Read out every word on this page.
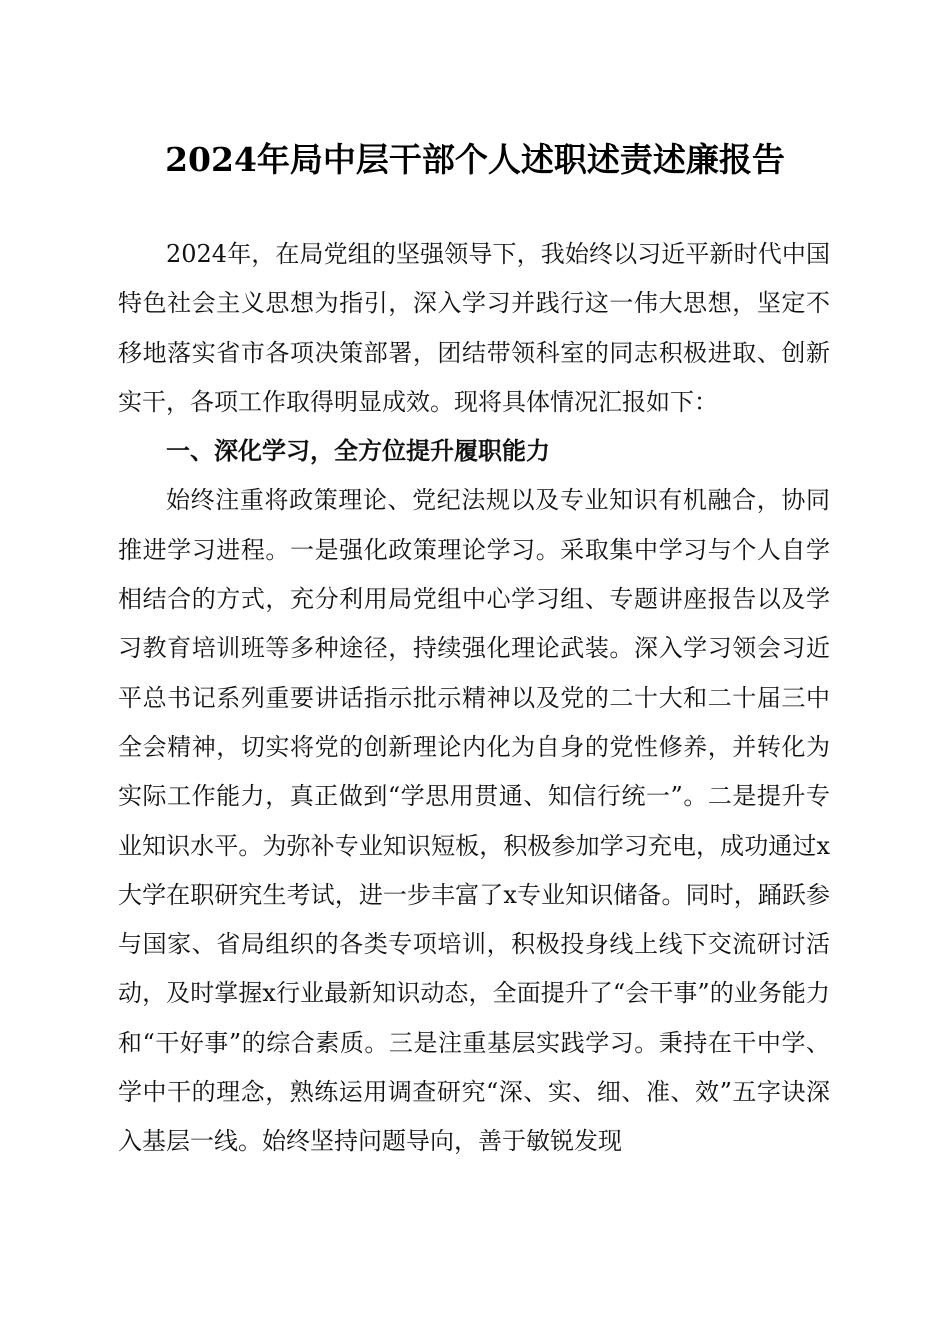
2024年局中层干部个人述职述责述廉报告

2024年，在局党组的坚强领导下，我始终以习近平新时代中国特色社会主义思想为指引，深入学习并践行这一伟大思想，坚定不移地落实省市各项决策部署，团结带领科室的同志积极进取、创新实干，各项工作取得明显成效。现将具体情况汇报如下：

一、深化学习，全方位提升履职能力

始终注重将政策理论、党纪法规以及专业知识有机融合，协同推进学习进程。一是强化政策理论学习。采取集中学习与个人自学相结合的方式，充分利用局党组中心学习组、专题讲座报告以及学习教育培训班等多种途径，持续强化理论武装。深入学习领会习近平总书记系列重要讲话指示批示精神以及党的二十大和二十届三中全会精神，切实将党的创新理论内化为自身的党性修养，并转化为实际工作能力，真正做到“学思用贯通、知信行统一”。二是提升专业知识水平。为弥补专业知识短板，积极参加学习充电，成功通过x大学在职研究生考试，进一步丰富了x专业知识储备。同时，踊跃参与国家、省局组织的各类专项培训，积极投身线上线下交流研讨活动，及时掌握x行业最新知识动态，全面提升了“会干事”的业务能力和“干好事”的综合素质。三是注重基层实践学习。秉持在干中学、学中干的理念，熟练运用调查研究“深、实、细、准、效”五字诀深入基层一线。始终坚持问题导向，善于敏锐发现
